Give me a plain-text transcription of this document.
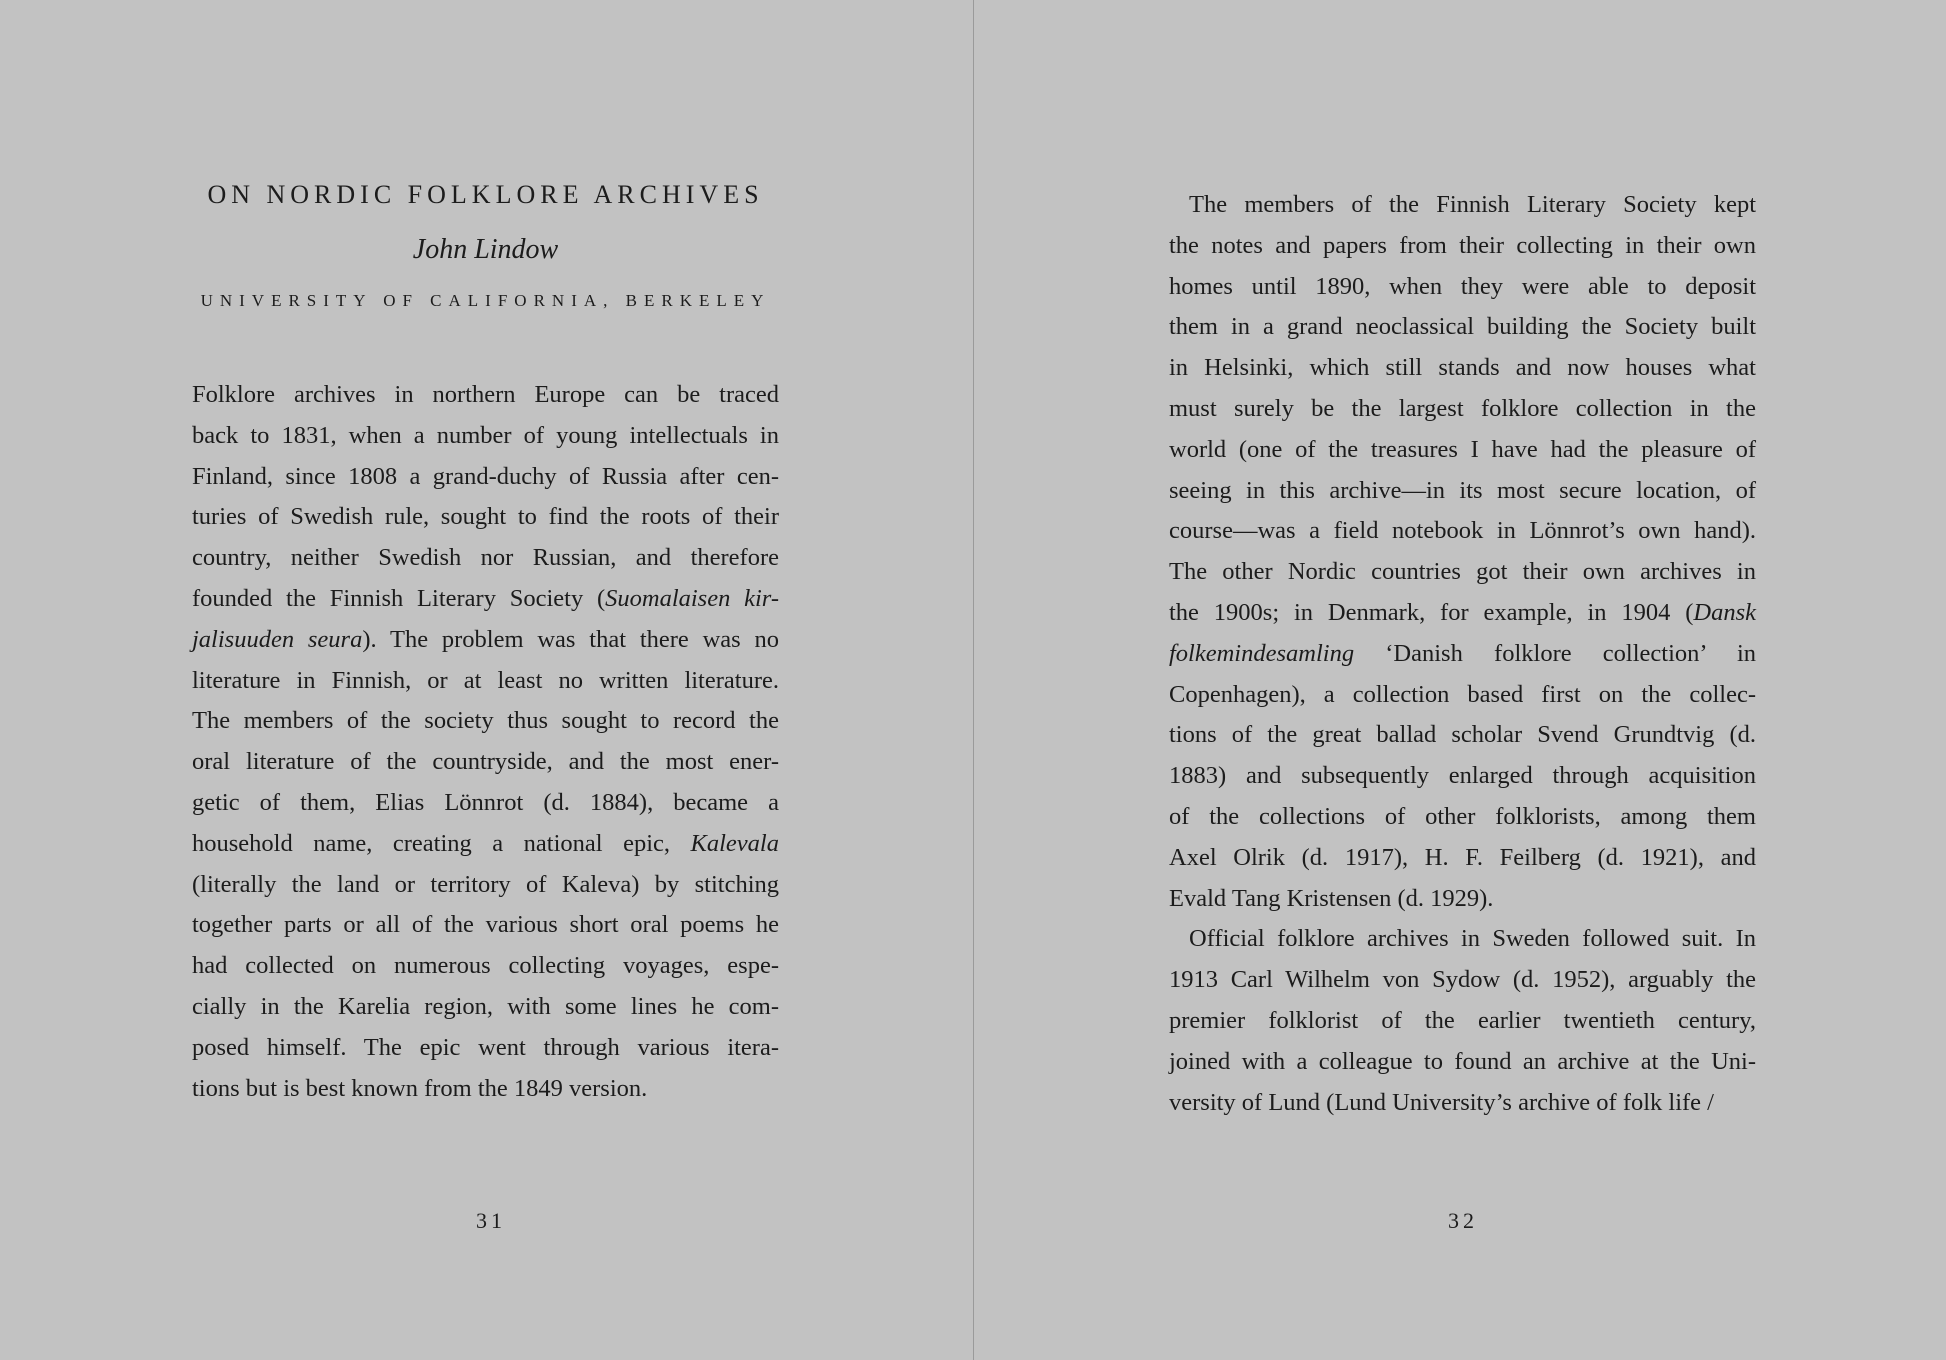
ON NORDIC FOLKLORE ARCHIVES
John Lindow
UNIVERSITY OF CALIFORNIA, BERKELEY

Folklore archives in northern Europe can be traced
back to 1831, when a number of young intellectuals in
Finland, since 1808 a grand-duchy of Russia after cen-
turies of Swedish rule, sought to find the roots of their
country, neither Swedish nor Russian, and therefore
founded the Finnish Literary Society (Suomalaisen kir-
jalisuuden seura). The problem was that there was no
literature in Finnish, or at least no written literature.
The members of the society thus sought to record the
oral literature of the countryside, and the most ener-
getic of them, Elias Lönnrot (d. 1884), became a
household name, creating a national epic, Kalevala
(literally the land or territory of Kaleva) by stitching
together parts or all of the various short oral poems he
had collected on numerous collecting voyages, espe-
cially in the Karelia region, with some lines he com-
posed himself. The epic went through various itera-
tions but is best known from the 1849 version.

31

The members of the Finnish Literary Society kept
the notes and papers from their collecting in their own
homes until 1890, when they were able to deposit
them in a grand neoclassical building the Society built
in Helsinki, which still stands and now houses what
must surely be the largest folklore collection in the
world (one of the treasures I have had the pleasure of
seeing in this archive—in its most secure location, of
course—was a field notebook in Lönnrot’s own hand).
The other Nordic countries got their own archives in
the 1900s; in Denmark, for example, in 1904 (Dansk
folkemindesamling ‘Danish folklore collection’ in
Copenhagen), a collection based first on the collec-
tions of the great ballad scholar Svend Grundtvig (d.
1883) and subsequently enlarged through acquisition
of the collections of other folklorists, among them
Axel Olrik (d. 1917), H. F. Feilberg (d. 1921), and
Evald Tang Kristensen (d. 1929).
Official folklore archives in Sweden followed suit. In
1913 Carl Wilhelm von Sydow (d. 1952), arguably the
premier folklorist of the earlier twentieth century,
joined with a colleague to found an archive at the Uni-
versity of Lund (Lund University’s archive of folk life /

32
